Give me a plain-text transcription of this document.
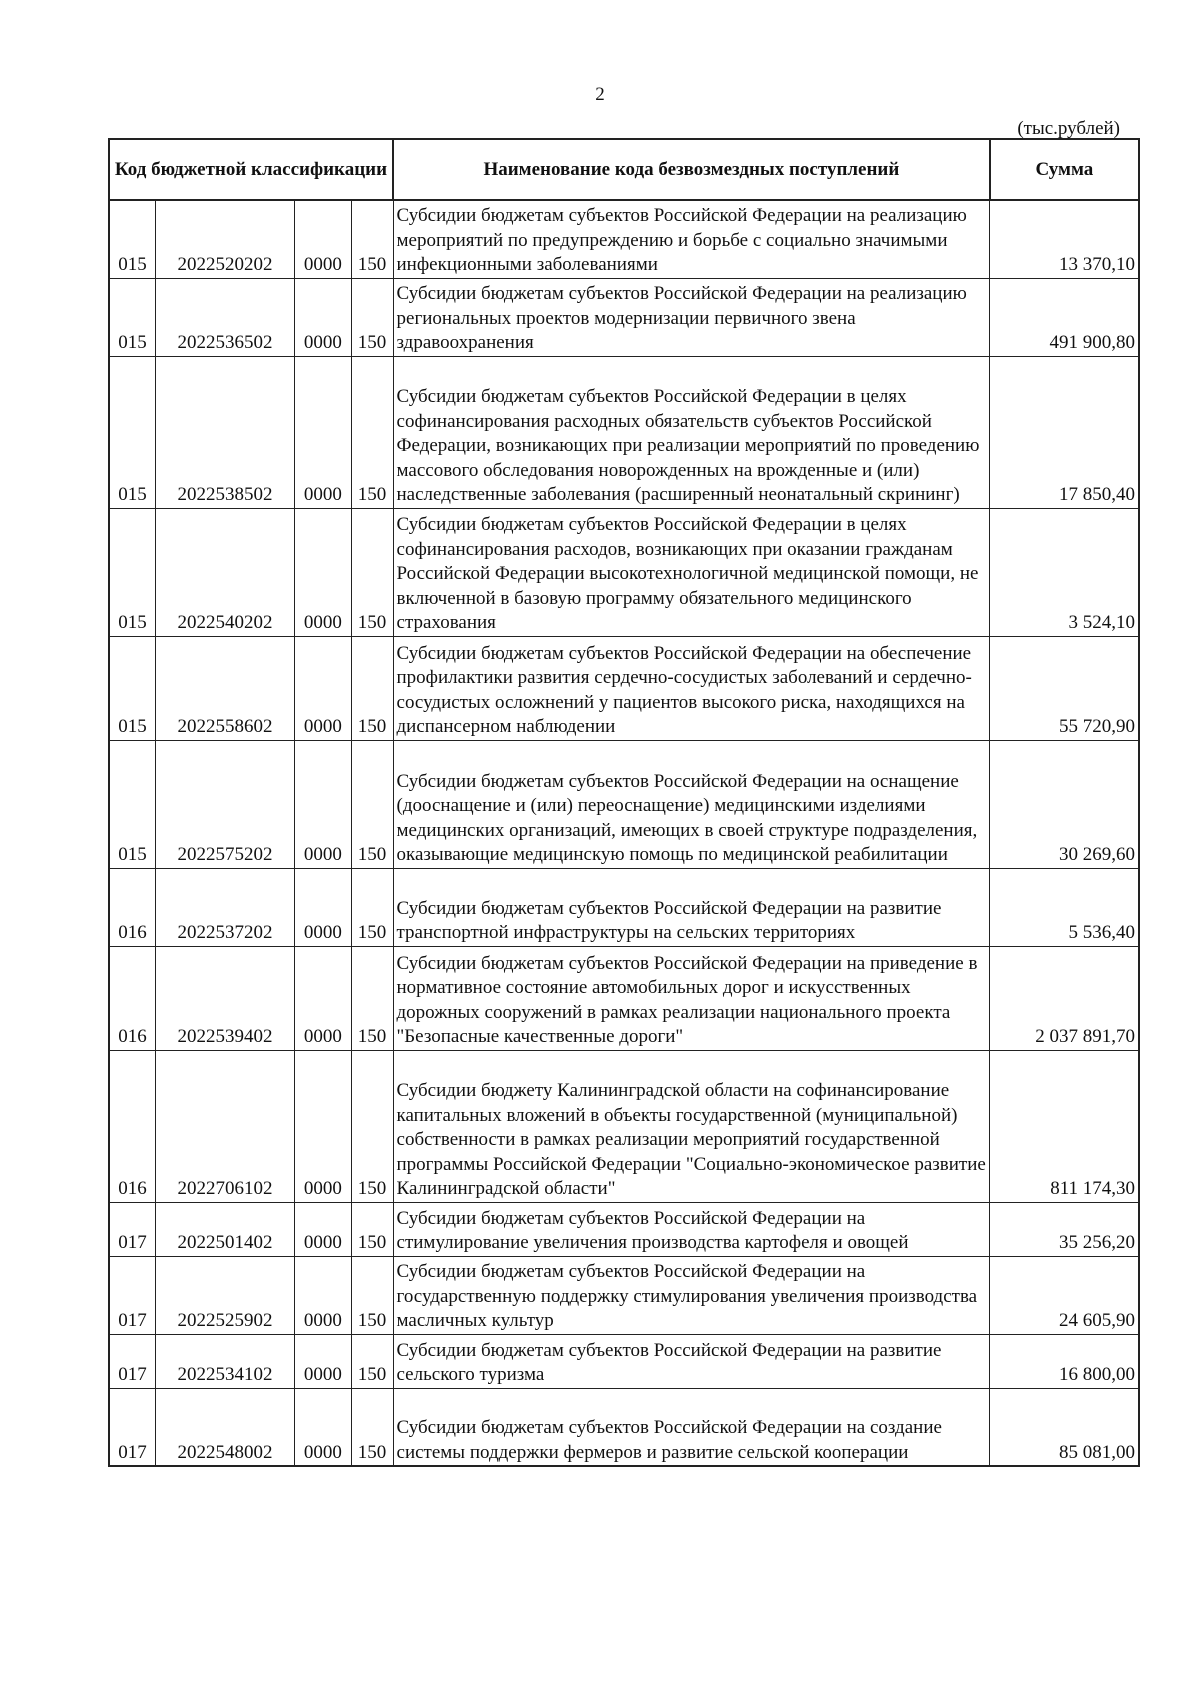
2
(тыс.рублей)
Код бюджетной классификации				Наименование кода безвозмездных поступлений	Сумма
015	2022520202	0000	150	Субсидии бюджетам субъектов Российской Федерации на реализацию мероприятий по предупреждению и борьбе с социально значимыми инфекционными заболеваниями	13 370,10
015	2022536502	0000	150	Субсидии бюджетам субъектов Российской Федерации на реализацию региональных проектов модернизации первичного звена здравоохранения	491 900,80
015	2022538502	0000	150	Субсидии бюджетам субъектов Российской Федерации в целях софинансирования расходных обязательств субъектов Российской Федерации, возникающих при реализации мероприятий по проведению массового обследования новорожденных на врожденные и (или) наследственные заболевания (расширенный неонатальный скрининг)	17 850,40
015	2022540202	0000	150	Субсидии бюджетам субъектов Российской Федерации в целях софинансирования расходов, возникающих при оказании гражданам Российской Федерации высокотехнологичной медицинской помощи, не включенной в базовую программу обязательного медицинского страхования	3 524,10
015	2022558602	0000	150	Субсидии бюджетам субъектов Российской Федерации на обеспечение профилактики развития сердечно-сосудистых заболеваний и сердечно-сосудистых осложнений у пациентов высокого риска, находящихся на диспансерном наблюдении	55 720,90
015	2022575202	0000	150	Субсидии бюджетам субъектов Российской Федерации на оснащение (дооснащение и (или) переоснащение) медицинскими изделиями медицинских организаций, имеющих в своей структуре подразделения, оказывающие медицинскую помощь по медицинской реабилитации	30 269,60
016	2022537202	0000	150	Субсидии бюджетам субъектов Российской Федерации на развитие транспортной инфраструктуры на сельских территориях	5 536,40
016	2022539402	0000	150	Субсидии бюджетам субъектов Российской Федерации на приведение в нормативное состояние автомобильных дорог и искусственных дорожных сооружений в рамках реализации национального проекта "Безопасные качественные дороги"	2 037 891,70
016	2022706102	0000	150	Субсидии бюджету Калининградской области на софинансирование капитальных вложений в объекты государственной (муниципальной) собственности в рамках реализации мероприятий государственной программы Российской Федерации "Социально-экономическое развитие Калининградской области"	811 174,30
017	2022501402	0000	150	Субсидии бюджетам субъектов Российской Федерации на стимулирование увеличения производства картофеля и овощей	35 256,20
017	2022525902	0000	150	Субсидии бюджетам субъектов Российской Федерации на государственную поддержку стимулирования увеличения производства масличных культур	24 605,90
017	2022534102	0000	150	Субсидии бюджетам субъектов Российской Федерации на развитие сельского туризма	16 800,00
017	2022548002	0000	150	Субсидии бюджетам субъектов Российской Федерации на создание системы поддержки фермеров и развитие сельской кооперации	85 081,00
